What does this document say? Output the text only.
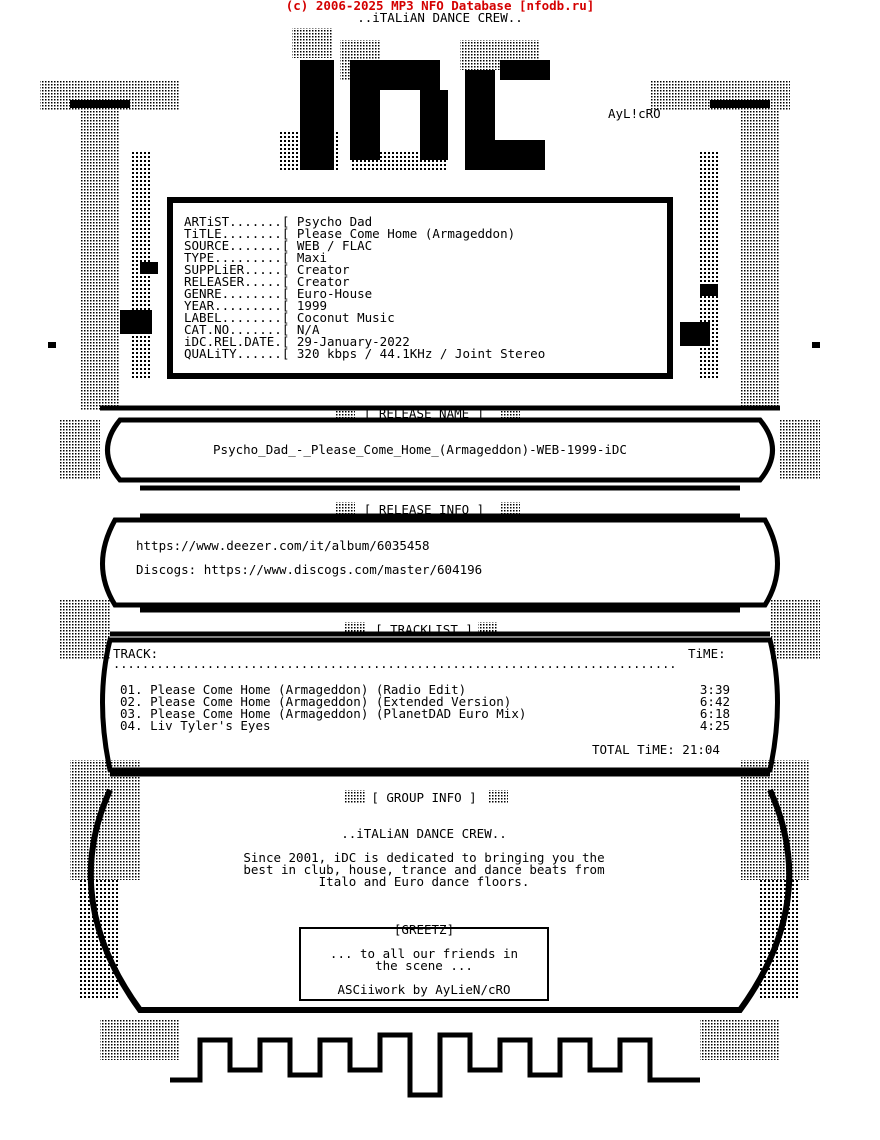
(c) 2006-2025 MP3 NFO Database [nfodb.ru]
..iTALiAN DANCE CREW..
AyL!cRO
ARTiST.......[ Psycho Dad
TiTLE........[ Please Come Home (Armageddon)
SOURCE.......[ WEB / FLAC
TYPE.........[ Maxi
SUPPLiER.....[ Creator
RELEASER.....[ Creator
GENRE........[ Euro-House
YEAR.........[ 1999
LABEL........[ Coconut Music
CAT.NO.......[ N/A
iDC.REL.DATE.[ 29-January-2022
QUALiTY......[ 320 kbps / 44.1KHz / Joint Stereo
[ RELEASE NAME ]
Psycho_Dad_-_Please_Come_Home_(Armageddon)-WEB-1999-iDC
[ RELEASE INFO ]
https://www.deezer.com/it/album/6035458
Discogs: https://www.discogs.com/master/604196
[ TRACKLIST ]
TRACK:	TiME:
..............................................................................
01. Please Come Home (Armageddon) (Radio Edit)	3:39
02. Please Come Home (Armageddon) (Extended Version)	6:42
03. Please Come Home (Armageddon) (PlanetDAD Euro Mix)	6:18
04. Liv Tyler's Eyes	4:25
TOTAL TiME: 21:04
[ GROUP INFO ]
..iTALiAN DANCE CREW..
Since 2001, iDC is dedicated to bringing you the
best in club, house, trance and dance beats from
Italo and Euro dance floors.
[GREETZ]
... to all our friends in
the scene ...
ASCiiwork by AyLieN/cRO
